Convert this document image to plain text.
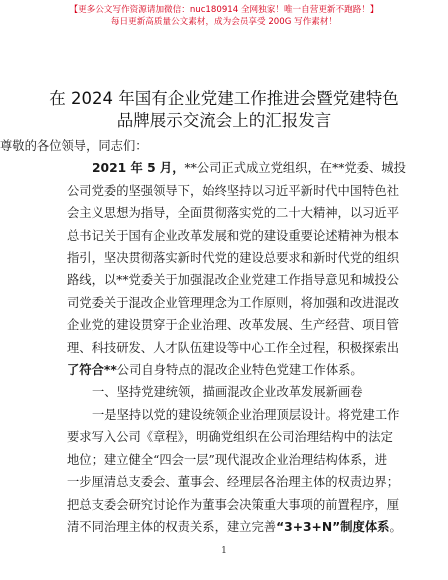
【更多公文写作资源请加微信：nuc180914 全网独家！唯一自营更新不跑路！】
每日更新高质量公文素材，成为会员享受 200G 写作素材！
在 2024 年国有企业党建工作推进会暨党建特色
品牌展示交流会上的汇报发言

尊敬的各位领导，同志们：

2021 年 5 月，**公司正式成立党组织，在**党委、城投

公司党委的坚强领导下，始终坚持以习近平新时代中国特色社

会主义思想为指导，全面贯彻落实党的二十大精神，以习近平

总书记关于国有企业改革发展和党的建设重要论述精神为根本

指引，坚决贯彻落实新时代党的建设总要求和新时代党的组织

路线，以**党委关于加强混改企业党建工作指导意见和城投公

司党委关于混改企业管理理念为工作原则，将加强和改进混改

企业党的建设贯穿于企业治理、改革发展、生产经营、项目管

理、科技研发、人才队伍建设等中心工作全过程，积极探索出

了符合**公司自身特点的混改企业特色党建工作体系。

一、坚持党建统领，描画混改企业改革发展新画卷

一是坚持以党的建设统领企业治理顶层设计。将党建工作

要求写入公司《章程》，明确党组织在公司治理结构中的法定

地位；建立健全“四会一层”现代混改企业治理结构体系，进

一步厘清总支委会、董事会、经理层各治理主体的权责边界；

把总支委会研究讨论作为董事会决策重大事项的前置程序，厘

清不同治理主体的权责关系，建立完善“3+3+N”制度体系。

1
